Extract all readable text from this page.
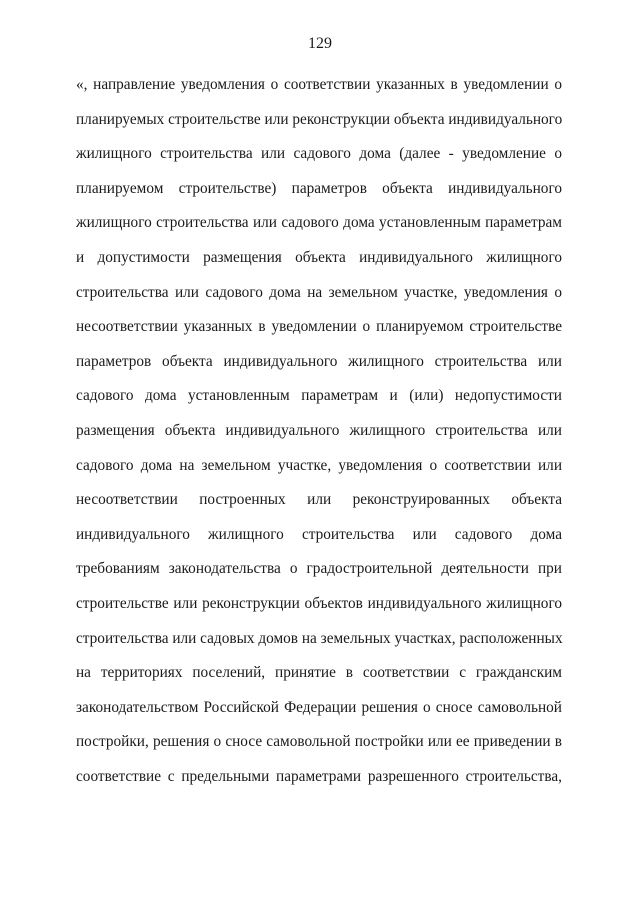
129
«, направление уведомления о соответствии указанных в уведомлении о
планируемых строительстве или реконструкции объекта индивидуального
жилищного строительства или садового дома (далее - уведомление о
планируемом строительстве) параметров объекта индивидуального
жилищного строительства или садового дома установленным параметрам
и допустимости размещения объекта индивидуального жилищного
строительства или садового дома на земельном участке, уведомления о
несоответствии указанных в уведомлении о планируемом строительстве
параметров объекта индивидуального жилищного строительства или
садового дома установленным параметрам и (или) недопустимости
размещения объекта индивидуального жилищного строительства или
садового дома на земельном участке, уведомления о соответствии или
несоответствии построенных или реконструированных объекта
индивидуального жилищного строительства или садового дома
требованиям законодательства о градостроительной деятельности при
строительстве или реконструкции объектов индивидуального жилищного
строительства или садовых домов на земельных участках, расположенных
на территориях поселений, принятие в соответствии с гражданским
законодательством Российской Федерации решения о сносе самовольной
постройки, решения о сносе самовольной постройки или ее приведении в
соответствие с предельными параметрами разрешенного строительства,
